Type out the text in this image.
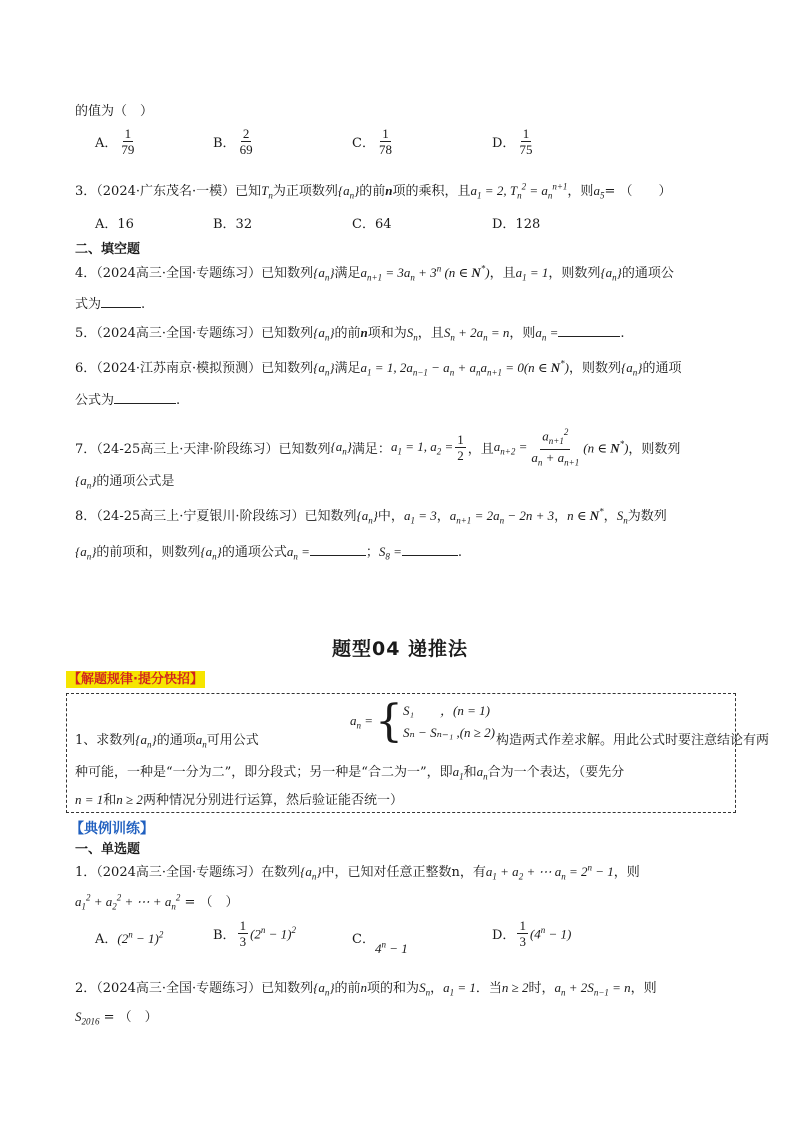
的值为（　）
A． $\frac{1}{79}$	B． $\frac{2}{69}$	C． $\frac{1}{78}$	D． $\frac{1}{75}$
3．（2024·广东茂名·一模）已知$T_n$为正项数列$\{a_n\}$的前n项的乘积，且$a_1 = 2$, $T_n^2 = a_n^{n+1}$，则$a_5=$ （　　）
A．16	B．32	C．64	D．128
二、填空题
4．（2024高三·全国·专题练习）已知数列$\{a_n\}$满足$a_{n+1} = 3a_n + 3^n$ (n ∈ N*)，且$a_1 = 1$，则数列$\{a_n\}$的通项公
式为	.
5．（2024高三·全国·专题练习）已知数列$\{a_n\}$的前n项和为$S_n$，且$S_n + 2a_n = n$，则$a_n$ =	.
6．（2024·江苏南京·模拟预测）已知数列$\{a_n\}$满足$a_1 = 1$, $2a_{n-1} - a_n + a_na_{n+1} = 0(n$ ∈ N*)，则数列$\{a_n\}$的通项
公式为	.
7．（24-25高三上·天津·阶段练习）已知数列 $\{a_n\}$ 满足： $a_1 = 1$, $a_2 = \frac{1}{2}$ ，且 $a_{n+2} = \frac{a_{n+1}^2}{a_n + a_{n+1}} (n$ ∈ N*) ，则数列
$\{a_n\}$的通项公式是
8．（24-25高三上·宁夏银川·阶段练习）已知数列$\{a_n\}$中，$a_1 = 3$，$a_{n+1} = 2a_n - 2n + 3$，n ∈ N*，$S_n$为数列
$\{a_n\}$的前项和，则数列$\{a_n\}$的通项公式$a_n$ =	；$S_8$ =	.
题型04 递推法
【解题规律·提分快招】
$a_n$ = { S₁　　，(n = 1)
Sₙ − Sₙ₋₁ ,(n ≥ 2)
1、求数列$\{a_n\}$的通项$a_n$可用公式	构造两式作差求解。用此公式时要注意结论有两
种可能，一种是“一分为二”，即分段式；另一种是“合二为一”，即$a_1$和$a_n$合为一个表达，（要先分
n = 1和n ≥ 2两种情况分别进行运算，然后验证能否统一）
【典例训练】
一、单选题
1．（2024高三·全国·专题练习）在数列$\{a_n\}$中，已知对任意正整数n，有$a_1 + a_2$ + ⋯ $a_n = 2^n - 1$，则
$a_1^2 + a_2^2$ + ⋯ + $a_n^2$ = （　）
A．$(2^n - 1)^2$	B． $\frac{1}{3} (2^n - 1)^2$
C．$4^n - 1$
D． $\frac{1}{3} (4^n - 1)$
2．（2024高三·全国·专题练习）已知数列$\{a_n\}$的前n项的和为$S_n$，$a_1 = 1$．当n ≥ 2时，$a_n + 2S_{n-1} = n$，则
$S_{2016}$ = （　）
